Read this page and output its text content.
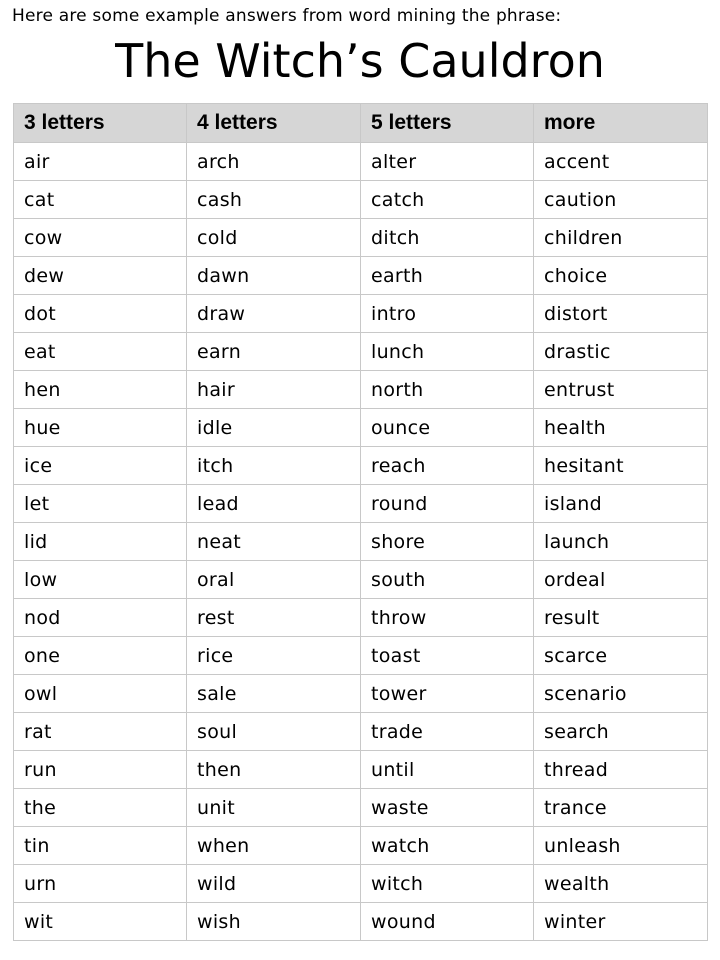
Here are some example answers from word mining the phrase:
The Witch’s Cauldron
3 letters	4 letters	5 letters	more
air	arch	alter	accent
cat	cash	catch	caution
cow	cold	ditch	children
dew	dawn	earth	choice
dot	draw	intro	distort
eat	earn	lunch	drastic
hen	hair	north	entrust
hue	idle	ounce	health
ice	itch	reach	hesitant
let	lead	round	island
lid	neat	shore	launch
low	oral	south	ordeal
nod	rest	throw	result
one	rice	toast	scarce
owl	sale	tower	scenario
rat	soul	trade	search
run	then	until	thread
the	unit	waste	trance
tin	when	watch	unleash
urn	wild	witch	wealth
wit	wish	wound	winter
